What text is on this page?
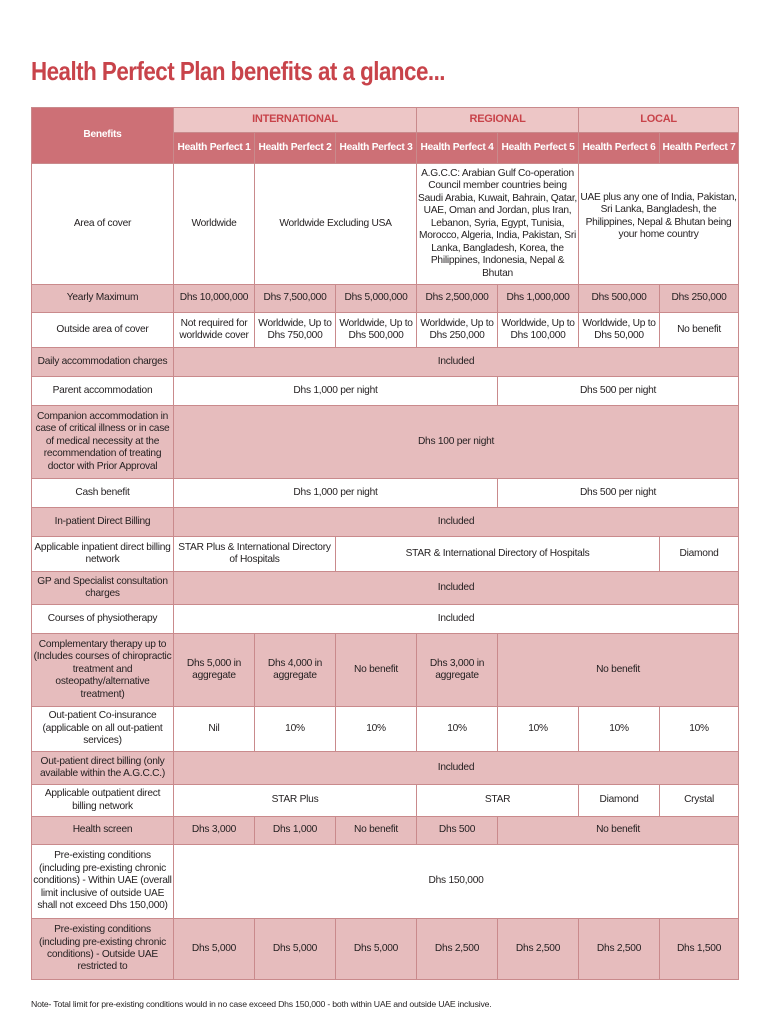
Health Perfect Plan benefits at a glance...
Benefits	INTERNATIONAL			REGIONAL		LOCAL	
	Health Perfect 1	Health Perfect 2	Health Perfect 3	Health Perfect 4	Health Perfect 5	Health Perfect 6	Health Perfect 7
Area of cover	Worldwide	Worldwide Excluding USA		A.G.C.C: Arabian Gulf Co-operation Council member countries being Saudi Arabia, Kuwait, Bahrain, Qatar, UAE, Oman and Jordan, plus Iran, Lebanon, Syria, Egypt, Tunisia, Morocco, Algeria, India, Pakistan, Sri Lanka, Bangladesh, Korea, the Philippines, Indonesia, Nepal & Bhutan		UAE plus any one of India, Pakistan, Sri Lanka, Bangladesh, the Philippines, Nepal & Bhutan being your home country	
Yearly Maximum	Dhs 10,000,000	Dhs 7,500,000	Dhs 5,000,000	Dhs 2,500,000	Dhs 1,000,000	Dhs 500,000	Dhs 250,000
Outside area of cover	Not required for worldwide cover	Worldwide, Up to Dhs 750,000	Worldwide, Up to Dhs 500,000	Worldwide, Up to Dhs 250,000	Worldwide, Up to Dhs 100,000	Worldwide, Up to Dhs 50,000	No benefit
Daily accommodation charges	Included						
Parent accommodation	Dhs 1,000 per night				Dhs 500 per night		
Companion accommodation in case of critical illness or in case of medical necessity at the recommendation of treating doctor with Prior Approval	Dhs 100 per night						
Cash benefit	Dhs 1,000 per night				Dhs 500 per night		
In-patient Direct Billing	Included						
Applicable inpatient direct billing network	STAR Plus & International Directory of Hospitals		STAR & International Directory of Hospitals				Diamond
GP and Specialist consultation charges	Included						
Courses of physiotherapy	Included						
Complementary therapy up to (Includes courses of chiropractic treatment and osteopathy/alternative treatment)	Dhs 5,000 in aggregate	Dhs 4,000 in aggregate	No benefit	Dhs 3,000 in aggregate	No benefit		
Out-patient Co-insurance (applicable on all out-patient services)	Nil	10%	10%	10%	10%	10%	10%
Out-patient direct billing (only available within the A.G.C.C.)	Included						
Applicable outpatient direct billing network	STAR Plus			STAR		Diamond	Crystal
Health screen	Dhs 3,000	Dhs 1,000	No benefit	Dhs 500	No benefit		
Pre-existing conditions (including pre-existing chronic conditions) - Within UAE (overall limit inclusive of outside UAE shall not exceed Dhs 150,000)	Dhs 150,000						
Pre-existing conditions (including pre-existing chronic conditions) - Outside UAE restricted to	Dhs 5,000	Dhs 5,000	Dhs 5,000	Dhs 2,500	Dhs 2,500	Dhs 2,500	Dhs 1,500

Note- Total limit for pre-existing conditions would in no case exceed Dhs 150,000 - both within UAE and outside UAE inclusive.
